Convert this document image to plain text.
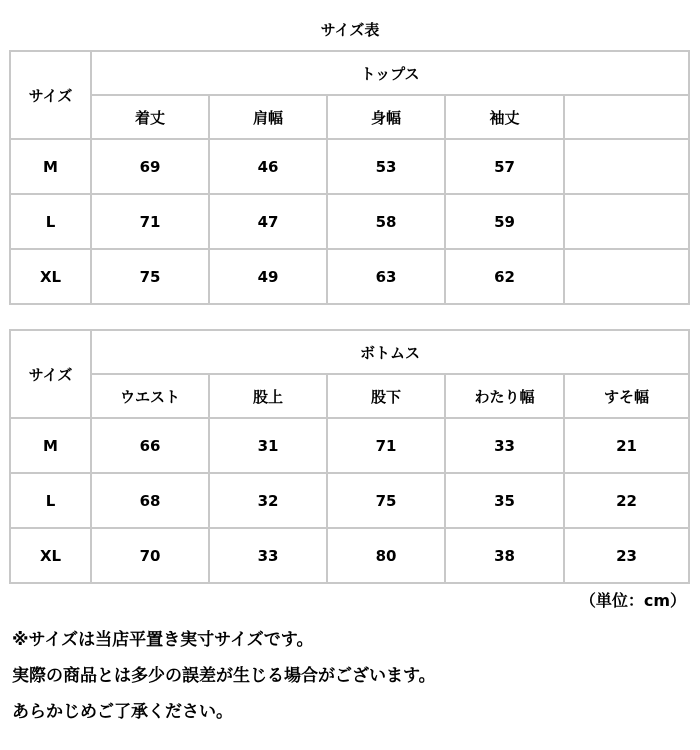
サイズ表
サイズ	トップス				
	着丈	肩幅	身幅	袖丈	
M	69	46	53	57	
L	71	47	58	59	
XL	75	49	63	62	
サイズ	ボトムス				
	ウエスト	股上	股下	わたり幅	すそ幅
M	66	31	71	33	21
L	68	32	75	35	22
XL	70	33	80	38	23
（単位：cm）
※サイズは当店平置き実寸サイズです。
実際の商品とは多少の誤差が生じる場合がございます。
あらかじめご了承ください。
